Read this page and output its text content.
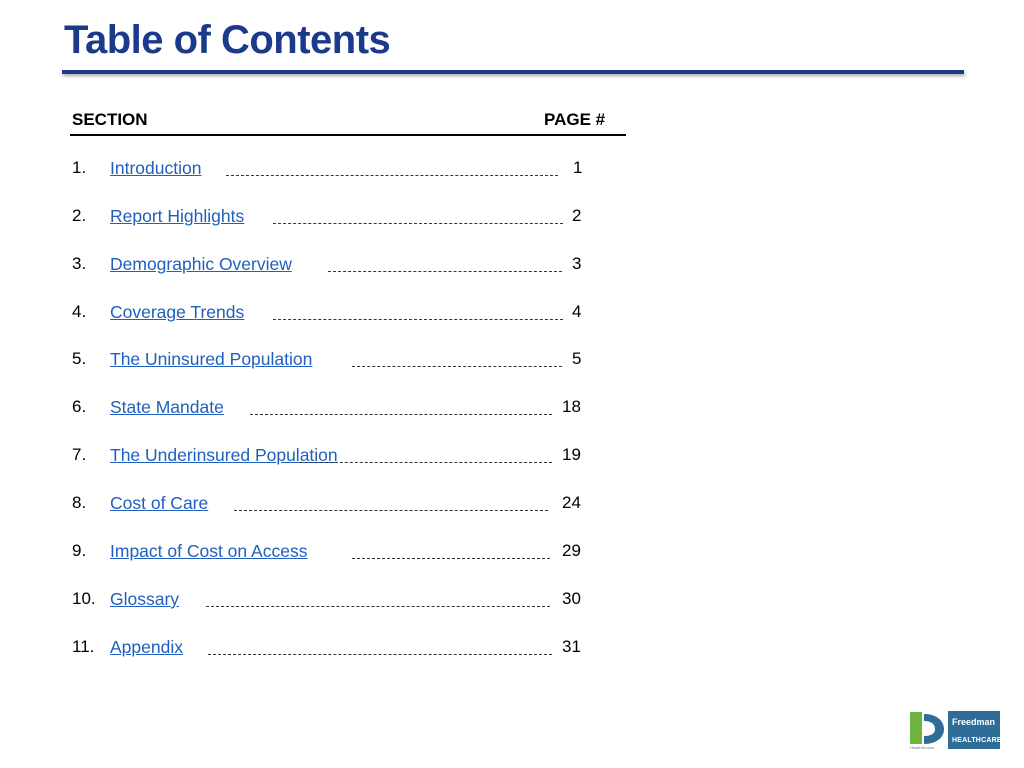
Table of Contents
SECTION	PAGE #
1. Introduction	1
2. Report Highlights	2
3. Demographic Overview	3
4. Coverage Trends	4
5. The Uninsured Population	5
6. State Mandate	18
7. The Underinsured Population	19
8. Cost of Care	24
9. Impact of Cost on Access	29
10. Glossary	30
11. Appendix	31
HealthSource
Freedman
HEALTHCARE
